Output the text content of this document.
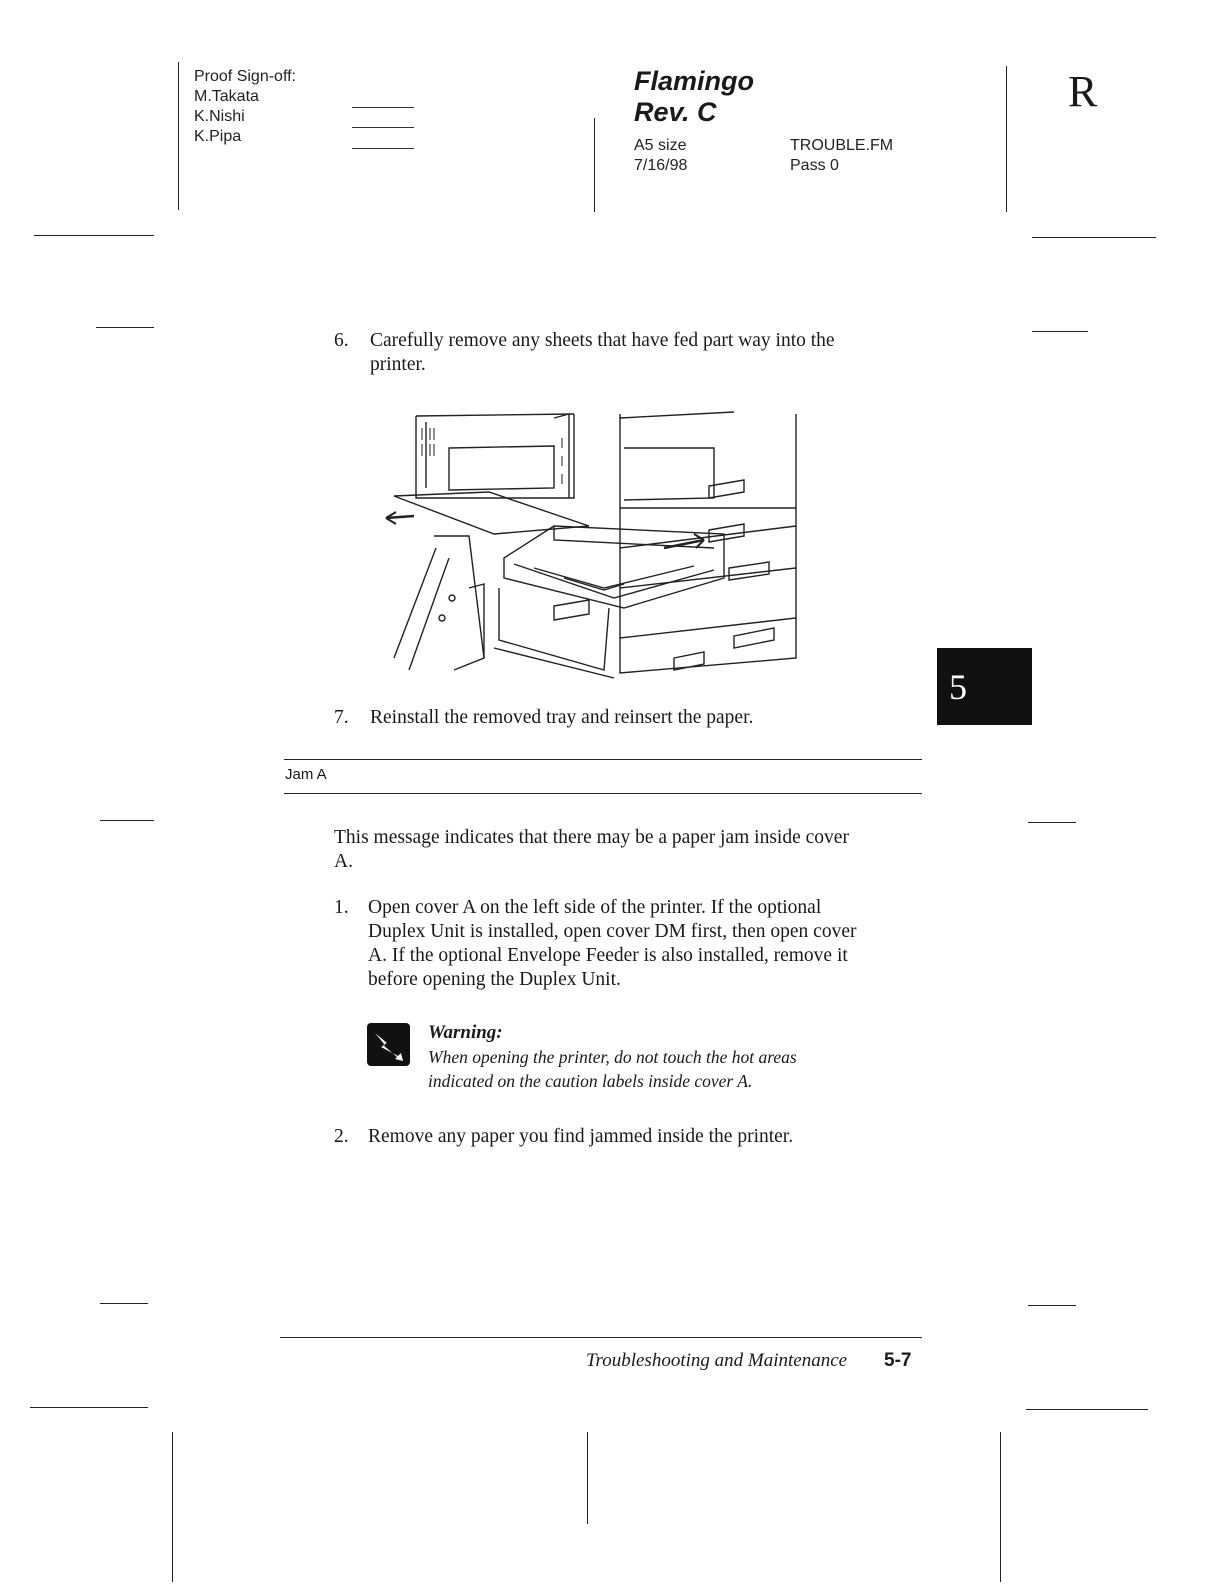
Proof Sign-off:
M.Takata
K.Nishi
K.Pipa
Flamingo
Rev. C
A5 size
7/16/98
TROUBLE.FM
Pass 0
R
6. Carefully remove any sheets that have fed part way into the
printer.
7. Reinstall the removed tray and reinsert the paper.
5
Jam A
This message indicates that there may be a paper jam inside cover
A.
1. Open cover A on the left side of the printer. If the optional
Duplex Unit is installed, open cover DM first, then open cover
A. If the optional Envelope Feeder is also installed, remove it
before opening the Duplex Unit.
Warning:
When opening the printer, do not touch the hot areas
indicated on the caution labels inside cover A.
2. Remove any paper you find jammed inside the printer.
Troubleshooting and Maintenance 5-7
